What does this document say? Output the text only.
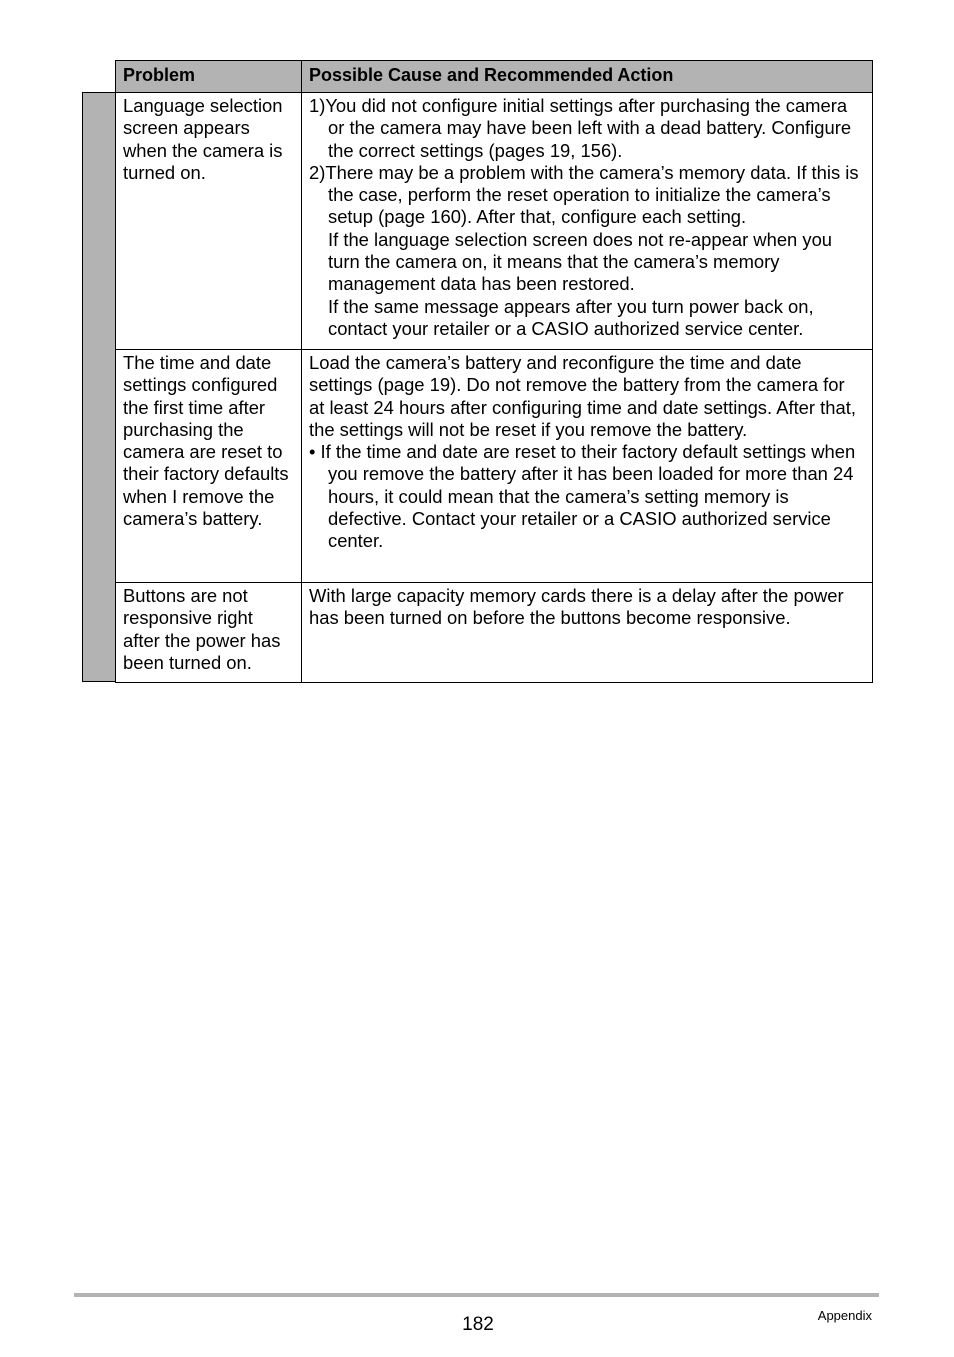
Problem	Possible Cause and Recommended Action
Language selection screen appears when the camera is turned on.	1)You did not configure initial settings after purchasing the camera or the camera may have been left with a dead battery. Configure the correct settings (pages 19, 156).

2)There may be a problem with the camera’s memory data. If this is the case, perform the reset operation to initialize the camera’s setup (page 160). After that, configure each setting.

If the language selection screen does not re-appear when you turn the camera on, it means that the camera’s memory management data has been restored.

If the same message appears after you turn power back on, contact your retailer or a CASIO authorized service center.

The time and date settings configured the first time after purchasing the camera are reset to their factory defaults when I remove the camera’s battery.	Load the camera’s battery and reconfigure the time and date settings (page 19). Do not remove the battery from the camera for at least 24 hours after configuring time and date settings. After that, the settings will not be reset if you remove the battery.

• If the time and date are reset to their factory default settings when you remove the battery after it has been loaded for more than 24 hours, it could mean that the camera’s setting memory is defective. Contact your retailer or a CASIO authorized service center.

Buttons are not responsive right after the power has been turned on.	With large capacity memory cards there is a delay after the power has been turned on before the buttons become responsive.

182	Appendix
